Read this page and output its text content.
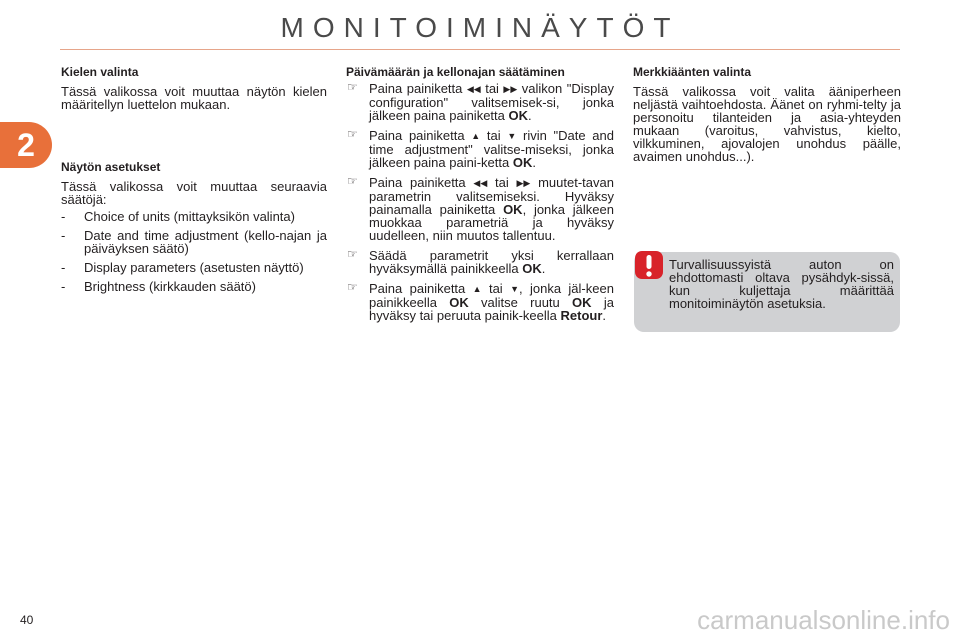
MONITOIMINÄYTÖT
2
Kielen valinta

Tässä valikossa voit muuttaa näytön kielen määritellyn luettelon mukaan.

Näytön asetukset

Tässä valikossa voit muuttaa seuraavia säätöjä:

- Choice of units (mittayksikön valinta)
- Date and time adjustment (kello-najan ja päiväyksen säätö)
- Display parameters (asetusten näyttö)
- Brightness (kirkkauden säätö)
Päivämäärän ja kellonajan säätäminen
☞ Paina painiketta ◀◀ tai ▶▶ valikon "Display configuration" valitsemisek-si, jonka jälkeen paina painiketta OK.
☞ Paina painiketta ▲ tai ▼ rivin "Date and time adjustment" valitse-miseksi, jonka jälkeen paina paini-ketta OK.
☞ Paina painiketta ◀◀ tai ▶▶ muutet-tavan parametrin valitsemiseksi. Hyväksy painamalla painiketta OK, jonka jälkeen muokkaa parametriä ja hyväksy uudelleen, niin muutos tallentuu.
☞ Säädä parametrit yksi kerrallaan hyväksymällä painikkeella OK.
☞ Paina painiketta ▲ tai ▼, jonka jäl-keen painikkeella OK valitse ruutu OK ja hyväksy tai peruuta painik-keella Retour.
Merkkiäänten valinta

Tässä valikossa voit valita ääniperheen neljästä vaihtoehdosta. Äänet on ryhmi-telty ja personoitu tilanteiden ja asia-yhteyden mukaan (varoitus, vahvistus, kielto, vilkkuminen, ajovalojen unohdus päälle, avaimen unohdus...).

Turvallisuussyistä auton on ehdottomasti oltava pysähdyk-sissä, kun kuljettaja määrittää monitoiminäytön asetuksia.
40	carmanualsonline.info
